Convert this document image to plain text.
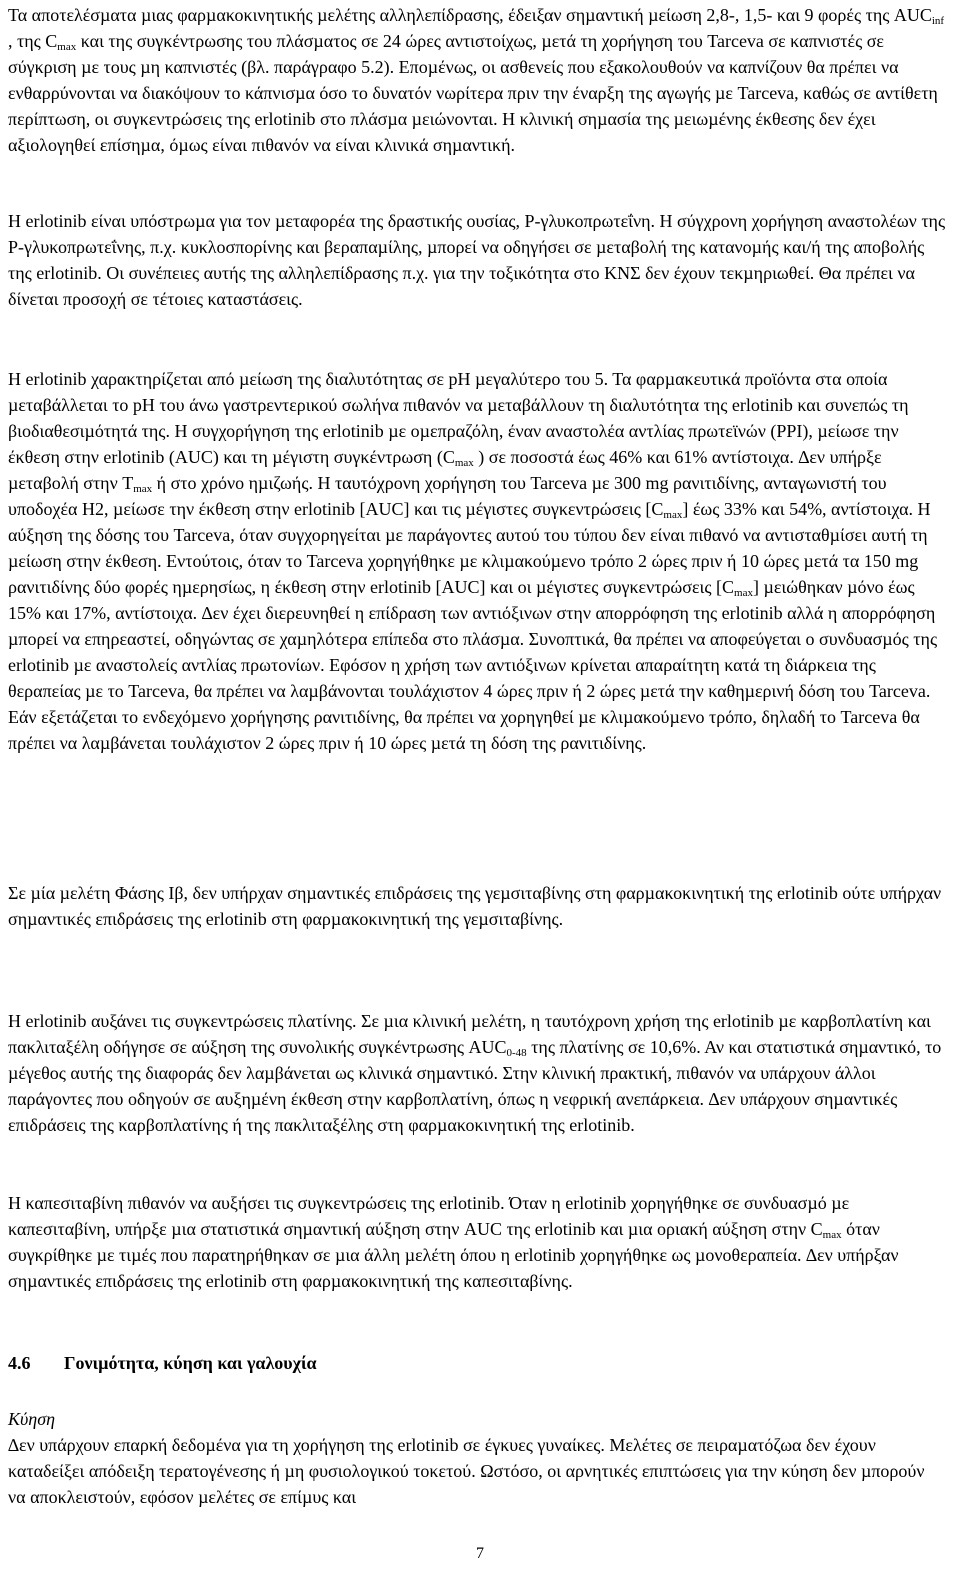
Τα αποτελέσµατα µιας φαρµακοκινητικής µελέτης αλληλεπίδρασης, έδειξαν σηµαντική µείωση 2,8-, 1,5- και 9 φορές της $AUC_{inf}$ , της $C_{max}$ και της συγκέντρωσης του πλάσµατος σε 24 ώρες αντιστοίχως, µετά τη χορήγηση του Tarceva σε καπνιστές σε σύγκριση µε τους µη καπνιστές (βλ. παράγραφο 5.2). Εποµένως, οι ασθενείς που εξακολουθούν να καπνίζουν θα πρέπει να ενθαρρύνονται να διακόψουν το κάπνισµα όσο το δυνατόν νωρίτερα πριν την έναρξη της αγωγής µε Tarceva, καθώς σε αντίθετη περίπτωση, οι συγκεντρώσεις της erlotinib στο πλάσµα µειώνονται. Η κλινική σηµασία της µειωµένης έκθεσης δεν έχει αξιολογηθεί επίσηµα, όµως είναι πιθανόν να είναι κλινικά σηµαντική.

Η erlotinib είναι υπόστρωµα για τον µεταφορέα της δραστικής ουσίας, P-γλυκοπρωτεΐνη. Η σύγχρονη χορήγηση αναστολέων της P-γλυκοπρωτεΐνης, π.χ. κυκλοσπορίνης και βεραπαµίλης, µπορεί να οδηγήσει σε µεταβολή της κατανοµής και/ή της αποβολής της erlotinib. Οι συνέπειες αυτής της αλληλεπίδρασης π.χ. για την τοξικότητα στο ΚΝΣ δεν έχουν τεκµηριωθεί. Θα πρέπει να δίνεται προσοχή σε τέτοιες καταστάσεις.

Η erlotinib χαρακτηρίζεται από µείωση της διαλυτότητας σε pH µεγαλύτερο του 5. Τα φαρµακευτικά προϊόντα στα οποία µεταβάλλεται το pH του άνω γαστρεντερικού σωλήνα πιθανόν να µεταβάλλουν τη διαλυτότητα της erlotinib και συνεπώς τη βιοδιαθεσιµότητά της. Η συγχορήγηση της erlotinib µε οµεπραζόλη, έναν αναστολέα αντλίας πρωτεϊνών (PPI), µείωσε την έκθεση στην erlotinib (AUC) και τη µέγιστη συγκέντρωση ($C_{max}$ ) σε ποσοστά έως 46% και 61% αντίστοιχα. ∆εν υπήρξε µεταβολή στην $T_{max}$ ή στο χρόνο ηµιζωής. Η ταυτόχρονη χορήγηση του Tarceva µε 300 mg ρανιτιδίνης, ανταγωνιστή του υποδοχέα H2, µείωσε την έκθεση στην erlotinib [AUC] και τις µέγιστες συγκεντρώσεις $[C_{max}]$ έως 33% και 54%, αντίστοιχα. Η αύξηση της δόσης του Tarceva, όταν συγχορηγείται µε παράγοντες αυτού του τύπου δεν είναι πιθανό να αντισταθµίσει αυτή τη µείωση στην έκθεση. Εντούτοις, όταν το Tarceva χορηγήθηκε µε κλιµακούµενο τρόπο 2 ώρες πριν ή 10 ώρες µετά τα 150 mg ρανιτιδίνης δύο φορές ηµερησίως, η έκθεση στην erlotinib [AUC] και οι µέγιστες συγκεντρώσεις $[C_{max}]$ µειώθηκαν µόνο έως 15% και 17%, αντίστοιχα. ∆εν έχει διερευνηθεί η επίδραση των αντιόξινων στην απορρόφηση της erlotinib αλλά η απορρόφηση µπορεί να επηρεαστεί, οδηγώντας σε χαµηλότερα επίπεδα στο πλάσµα. Συνοπτικά, θα πρέπει να αποφεύγεται ο συνδυασµός της erlotinib µε αναστολείς αντλίας πρωτονίων. Εφόσον η χρήση των αντιόξινων κρίνεται απαραίτητη κατά τη διάρκεια της θεραπείας µε το Tarceva, θα πρέπει να λαµβάνονται τουλάχιστον 4 ώρες πριν ή 2 ώρες µετά την καθηµερινή δόση του Tarceva. Εάν εξετάζεται το ενδεχόµενο χορήγησης ρανιτιδίνης, θα πρέπει να χορηγηθεί µε κλιµακούµενο τρόπο, δηλαδή το Tarceva θα πρέπει να λαµβάνεται τουλάχιστον 2 ώρες πριν ή 10 ώρες µετά τη δόση της ρανιτιδίνης.

Σε µία µελέτη Φάσης Ιβ, δεν υπήρχαν σηµαντικές επιδράσεις της γεµσιταβίνης στη φαρµακοκινητική της erlotinib ούτε υπήρχαν σηµαντικές επιδράσεις της erlotinib στη φαρµακοκινητική της γεµσιταβίνης.

Η erlotinib αυξάνει τις συγκεντρώσεις πλατίνης. Σε µια κλινική µελέτη, η ταυτόχρονη χρήση της erlotinib µε καρβοπλατίνη και πακλιταξέλη οδήγησε σε αύξηση της συνολικής συγκέντρωσης $AUC_{0-48}$ της πλατίνης σε 10,6%. Αν και στατιστικά σηµαντικό, το µέγεθος αυτής της διαφοράς δεν λαµβάνεται ως κλινικά σηµαντικό. Στην κλινική πρακτική, πιθανόν να υπάρχουν άλλοι παράγοντες που οδηγούν σε αυξηµένη έκθεση στην καρβοπλατίνη, όπως η νεφρική ανεπάρκεια. ∆εν υπάρχουν σηµαντικές επιδράσεις της καρβοπλατίνης ή της πακλιταξέλης στη φαρµακοκινητική της erlotinib.

Η καπεσιταβίνη πιθανόν να αυξήσει τις συγκεντρώσεις της erlotinib. Όταν η erlotinib χορηγήθηκε σε συνδυασµό µε καπεσιταβίνη, υπήρξε µια στατιστικά σηµαντική αύξηση στην AUC της erlotinib και µια οριακή αύξηση στην $C_{max}$ όταν συγκρίθηκε µε τιµές που παρατηρήθηκαν σε µια άλλη µελέτη όπου η erlotinib χορηγήθηκε ως µονοθεραπεία. ∆εν υπήρξαν σηµαντικές επιδράσεις της erlotinib στη φαρµακοκινητική της καπεσιταβίνης.

4.6 Γονιµότητα, κύηση και γαλουχία

Κύηση

∆εν υπάρχουν επαρκή δεδοµένα για τη χορήγηση της erlotinib σε έγκυες γυναίκες. Μελέτες σε πειραµατόζωα δεν έχουν καταδείξει απόδειξη τερατογένεσης ή µη φυσιολογικού τοκετού. Ωστόσο, οι αρνητικές επιπτώσεις για την κύηση δεν µπορούν να αποκλειστούν, εφόσον µελέτες σε επίµυς και

7
